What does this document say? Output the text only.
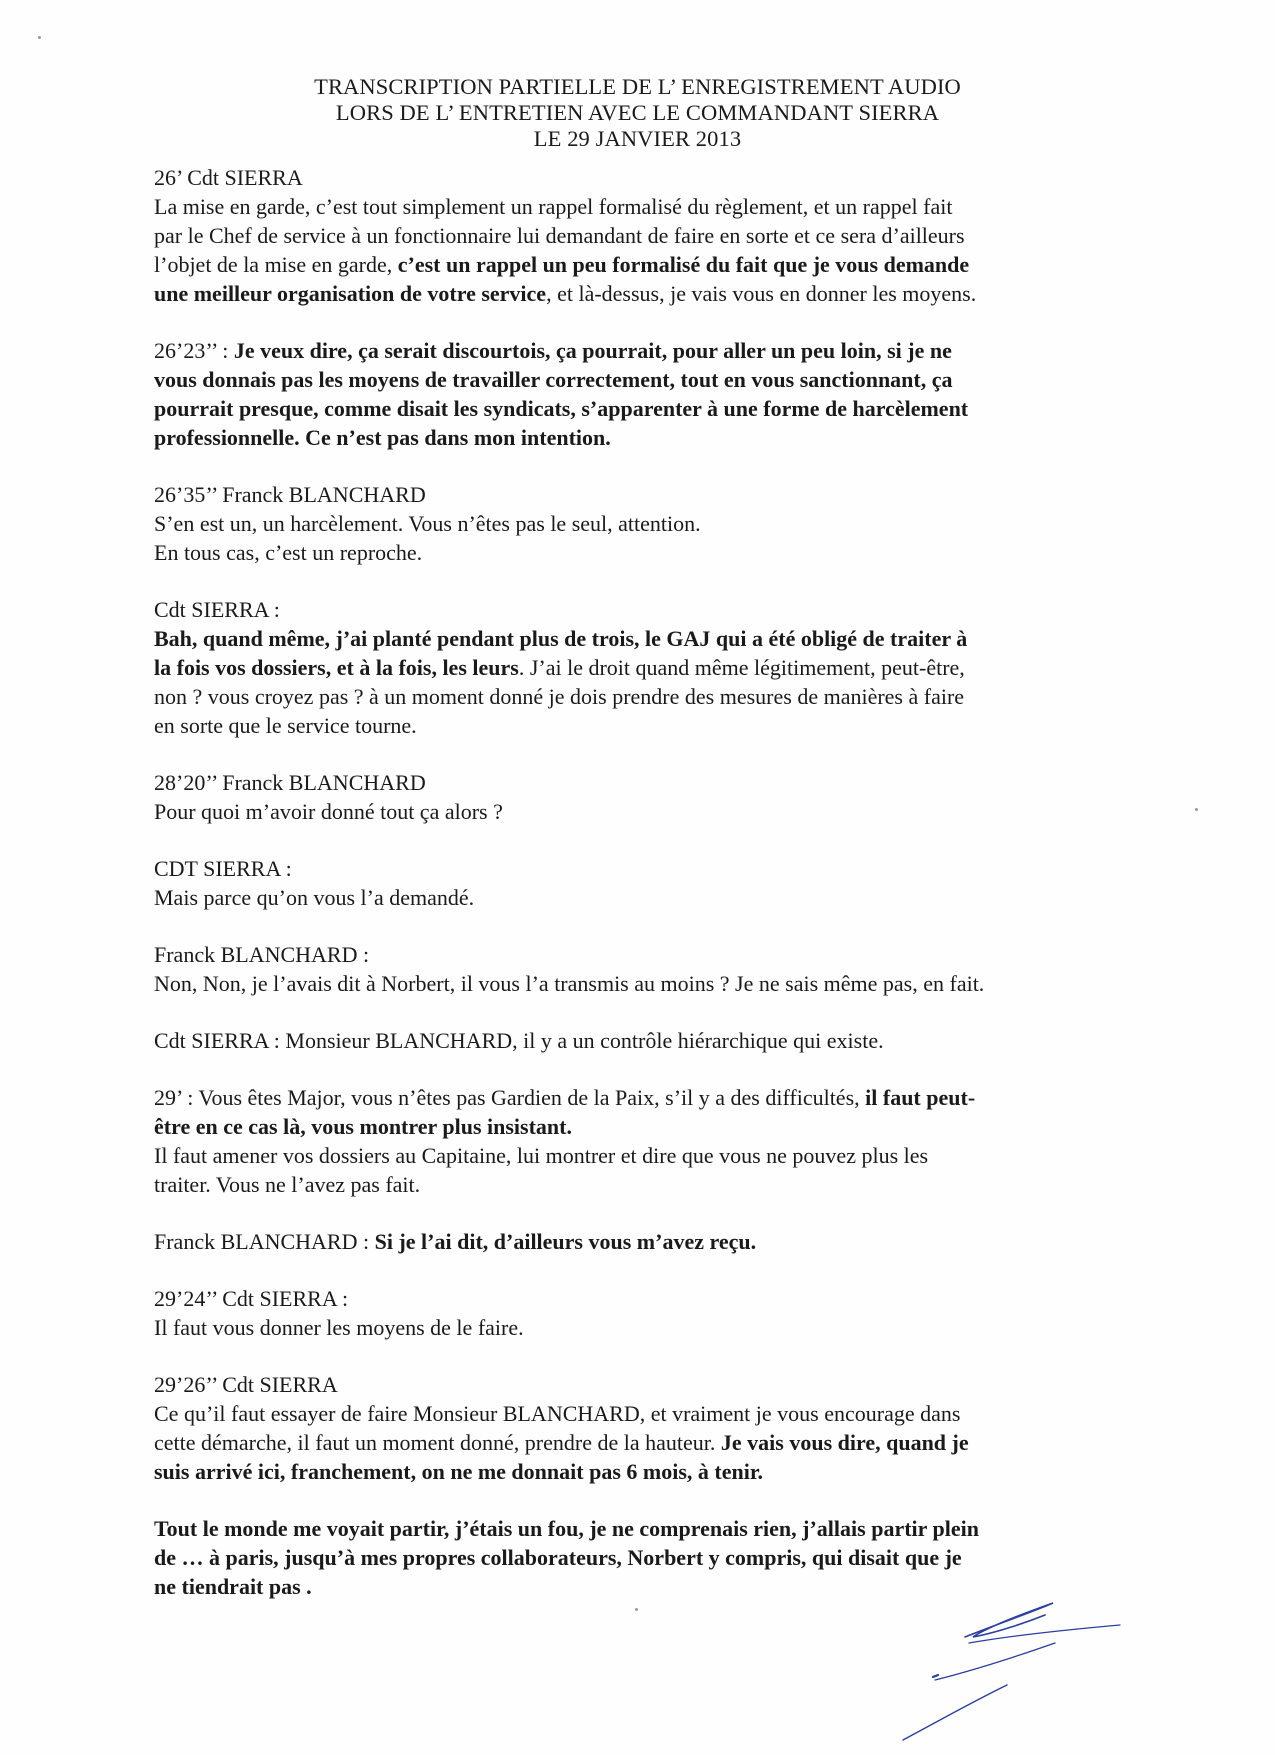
TRANSCRIPTION PARTIELLE DE L’ ENREGISTREMENT AUDIO
LORS DE L’ ENTRETIEN AVEC LE COMMANDANT SIERRA
LE 29 JANVIER 2013
26’ Cdt SIERRA
La mise en garde, c’est tout simplement un rappel formalisé du règlement, et un rappel fait
par le Chef de service à un fonctionnaire lui demandant de faire en sorte et ce sera d’ailleurs
l’objet de la mise en garde, c’est un rappel un peu formalisé du fait que je vous demande
une meilleur organisation de votre service, et là-dessus, je vais vous en donner les moyens.
26’23’’ : Je veux dire, ça serait discourtois, ça pourrait, pour aller un peu loin, si je ne
vous donnais pas les moyens de travailler correctement, tout en vous sanctionnant, ça
pourrait presque, comme disait les syndicats, s’apparenter à une forme de harcèlement
professionnelle. Ce n’est pas dans mon intention.
26’35’’ Franck BLANCHARD
S’en est un, un harcèlement. Vous n’êtes pas le seul, attention.
En tous cas, c’est un reproche.
Cdt SIERRA :
Bah, quand même, j’ai planté pendant plus de trois, le GAJ qui a été obligé de traiter à
la fois vos dossiers, et à la fois, les leurs. J’ai le droit quand même légitimement, peut-être,
non ? vous croyez pas ? à un moment donné je dois prendre des mesures de manières à faire
en sorte que le service tourne.
28’20’’ Franck BLANCHARD
Pour quoi m’avoir donné tout ça alors ?
CDT SIERRA :
Mais parce qu’on vous l’a demandé.
Franck BLANCHARD :
Non, Non, je l’avais dit à Norbert, il vous l’a transmis au moins ? Je ne sais même pas, en fait.
Cdt SIERRA : Monsieur BLANCHARD, il y a un contrôle hiérarchique qui existe.
29’ : Vous êtes Major, vous n’êtes pas Gardien de la Paix, s’il y a des difficultés, il faut peut-
être en ce cas là, vous montrer plus insistant.
Il faut amener vos dossiers au Capitaine, lui montrer et dire que vous ne pouvez plus les
traiter. Vous ne l’avez pas fait.
Franck BLANCHARD : Si je l’ai dit, d’ailleurs vous m’avez reçu.
29’24’’ Cdt SIERRA :
Il faut vous donner les moyens de le faire.
29’26’’ Cdt SIERRA
Ce qu’il faut essayer de faire Monsieur BLANCHARD, et vraiment je vous encourage dans
cette démarche, il faut un moment donné, prendre de la hauteur. Je vais vous dire, quand je
suis arrivé ici, franchement, on ne me donnait pas 6 mois, à tenir.
Tout le monde me voyait partir, j’étais un fou, je ne comprenais rien, j’allais partir plein
de … à paris, jusqu’à mes propres collaborateurs, Norbert y compris, qui disait que je
ne tiendrait pas .
